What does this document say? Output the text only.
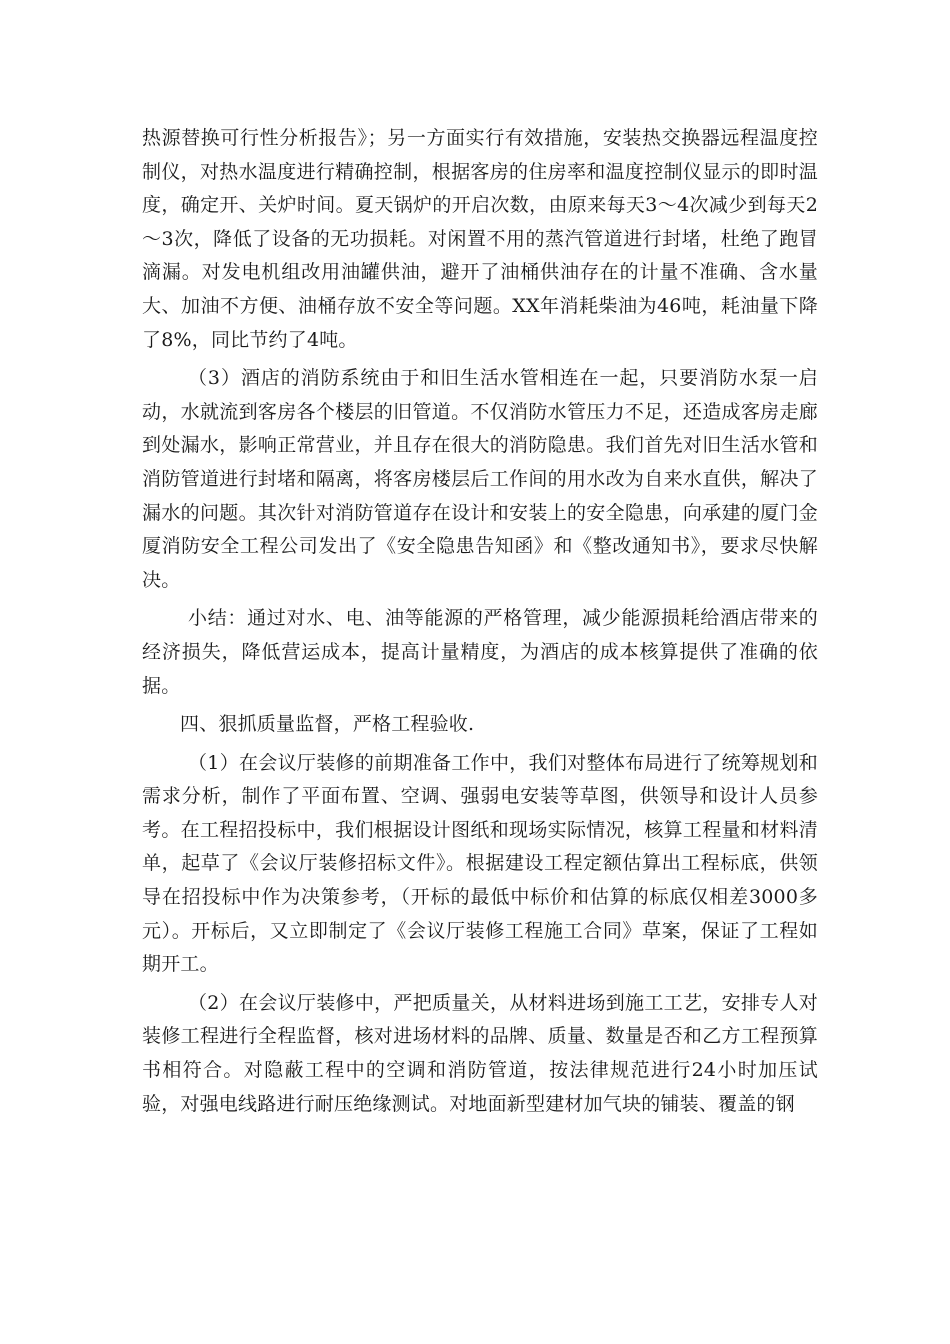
热源替换可行性分析报告》；另一方面实行有效措施，安装热交换器远程温度控制仪，对热水温度进行精确控制，根据客房的住房率和温度控制仪显示的即时温度，确定开、关炉时间。夏天锅炉的开启次数，由原来每天3～4次减少到每天2～3次，降低了设备的无功损耗。对闲置不用的蒸汽管道进行封堵，杜绝了跑冒滴漏。对发电机组改用油罐供油，避开了油桶供油存在的计量不准确、含水量大、加油不方便、油桶存放不安全等问题。XX年消耗柴油为46吨，耗油量下降了8%，同比节约了4吨。

（3）酒店的消防系统由于和旧生活水管相连在一起，只要消防水泵一启动，水就流到客房各个楼层的旧管道。不仅消防水管压力不足，还造成客房走廊到处漏水，影响正常营业，并且存在很大的消防隐患。我们首先对旧生活水管和消防管道进行封堵和隔离，将客房楼层后工作间的用水改为自来水直供，解决了漏水的问题。其次针对消防管道存在设计和安装上的安全隐患，向承建的厦门金厦消防安全工程公司发出了《安全隐患告知函》和《整改通知书》，要求尽快解决。

小结：通过对水、电、油等能源的严格管理，减少能源损耗给酒店带来的经济损失，降低营运成本，提高计量精度，为酒店的成本核算提供了准确的依据。

四、狠抓质量监督，严格工程验收.

（1）在会议厅装修的前期准备工作中，我们对整体布局进行了统筹规划和需求分析，制作了平面布置、空调、强弱电安装等草图，供领导和设计人员参考。在工程招投标中，我们根据设计图纸和现场实际情况，核算工程量和材料清单，起草了《会议厅装修招标文件》。根据建设工程定额估算出工程标底，供领导在招投标中作为决策参考，（开标的最低中标价和估算的标底仅相差3000多元）。开标后，又立即制定了《会议厅装修工程施工合同》草案，保证了工程如期开工。

（2）在会议厅装修中，严把质量关，从材料进场到施工工艺，安排专人对装修工程进行全程监督，核对进场材料的品牌、质量、数量是否和乙方工程预算书相符合。对隐蔽工程中的空调和消防管道，按法律规范进行24小时加压试验，对强电线路进行耐压绝缘测试。对地面新型建材加气块的铺装、覆盖的钢
